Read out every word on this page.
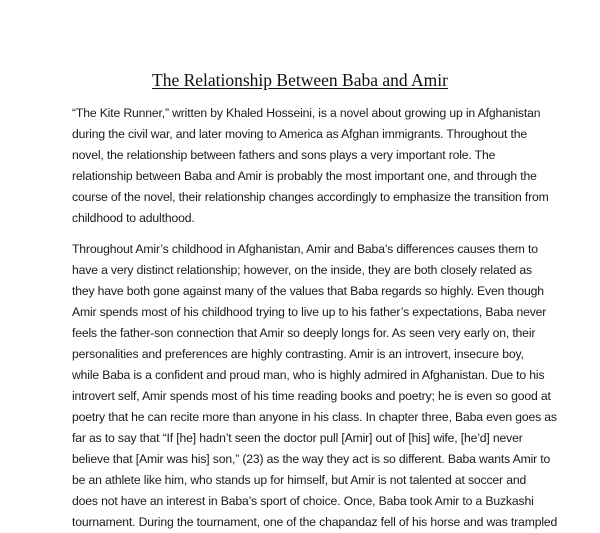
The Relationship Between Baba and Amir
“The Kite Runner,” written by Khaled Hosseini, is a novel about growing up in Afghanistan
during the civil war, and later moving to America as Afghan immigrants. Throughout the
novel, the relationship between fathers and sons plays a very important role. The
relationship between Baba and Amir is probably the most important one, and through the
course of the novel, their relationship changes accordingly to emphasize the transition from
childhood to adulthood.
Throughout Amir’s childhood in Afghanistan, Amir and Baba’s differences causes them to
have a very distinct relationship; however, on the inside, they are both closely related as
they have both gone against many of the values that Baba regards so highly. Even though
Amir spends most of his childhood trying to live up to his father’s expectations, Baba never
feels the father-son connection that Amir so deeply longs for. As seen very early on, their
personalities and preferences are highly contrasting. Amir is an introvert, insecure boy,
while Baba is a confident and proud man, who is highly admired in Afghanistan. Due to his
introvert self, Amir spends most of his time reading books and poetry; he is even so good at
poetry that he can recite more than anyone in his class. In chapter three, Baba even goes as
far as to say that “If [he] hadn’t seen the doctor pull [Amir] out of [his] wife, [he’d] never
believe that [Amir was his] son,” (23) as the way they act is so different. Baba wants Amir to
be an athlete like him, who stands up for himself, but Amir is not talented at soccer and
does not have an interest in Baba’s sport of choice. Once, Baba took Amir to a Buzkashi
tournament. During the tournament, one of the chapandaz fell of his horse and was trampled
